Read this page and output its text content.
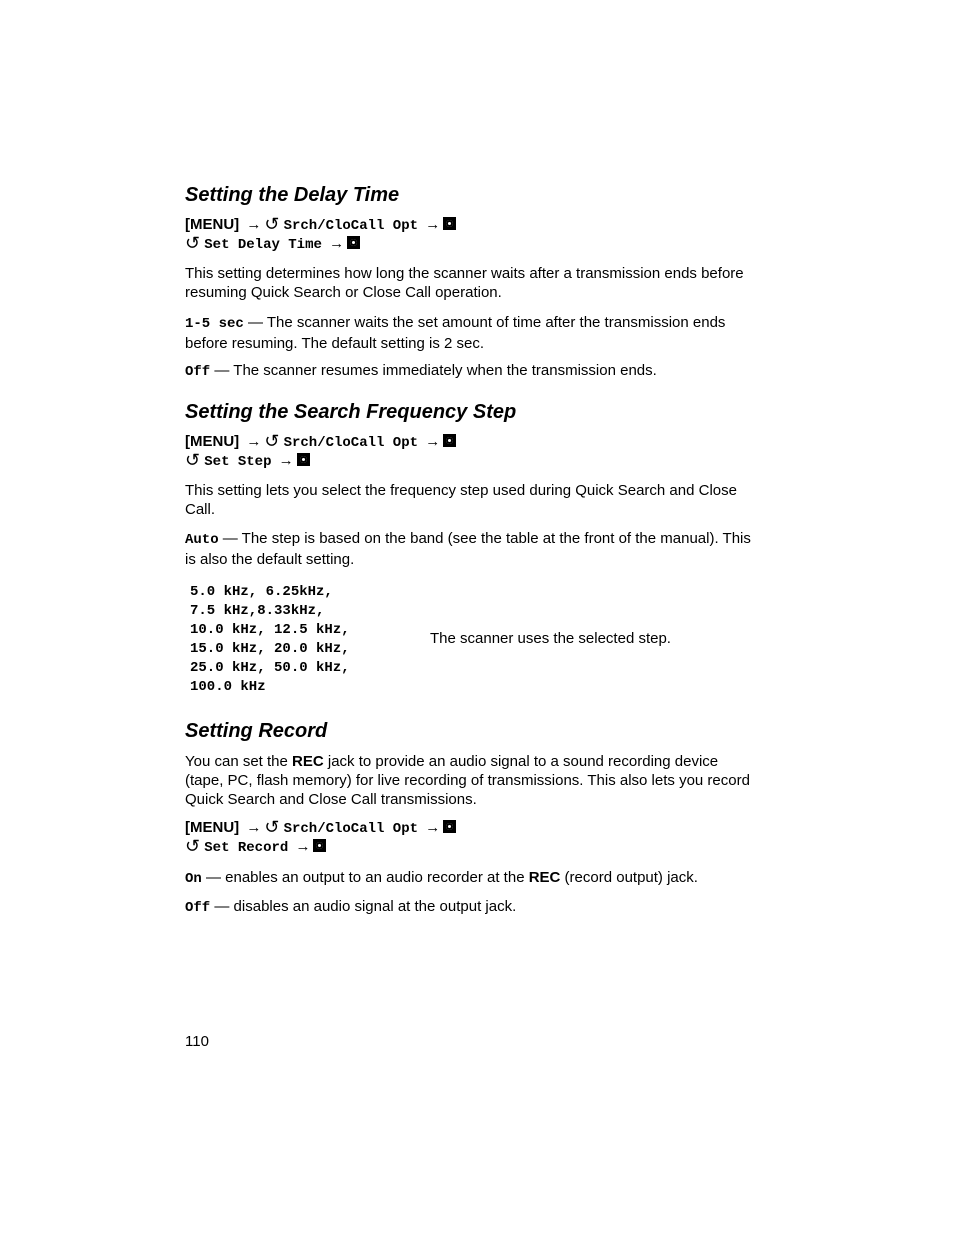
Setting the Delay Time
[MENU] → ↺ Srch/CloCall Opt →
↺ Set Delay Time →

This setting determines how long the scanner waits after a transmission ends before resuming Quick Search or Close Call operation.

1-5 sec — The scanner waits the set amount of time after the transmission ends before resuming. The default setting is 2 sec.

Off — The scanner resumes immediately when the transmission ends.

Setting the Search Frequency Step
[MENU] → ↺ Srch/CloCall Opt →
↺ Set Step →

This setting lets you select the frequency step used during Quick Search and Close Call.

Auto — The step is based on the band (see the table at the front of the manual). This is also the default setting.

5.0 kHz, 6.25kHz,
7.5 kHz,8.33kHz,
10.0 kHz, 12.5 kHz,
15.0 kHz, 20.0 kHz,
25.0 kHz, 50.0 kHz,
100.0 kHz
The scanner uses the selected step.
Setting Record

You can set the REC jack to provide an audio signal to a sound recording device (tape, PC, flash memory) for live recording of transmissions. This also lets you record Quick Search and Close Call transmissions.

[MENU] → ↺ Srch/CloCall Opt →
↺ Set Record →

On — enables an output to an audio recorder at the REC (record output) jack.

Off — disables an audio signal at the output jack.

110
